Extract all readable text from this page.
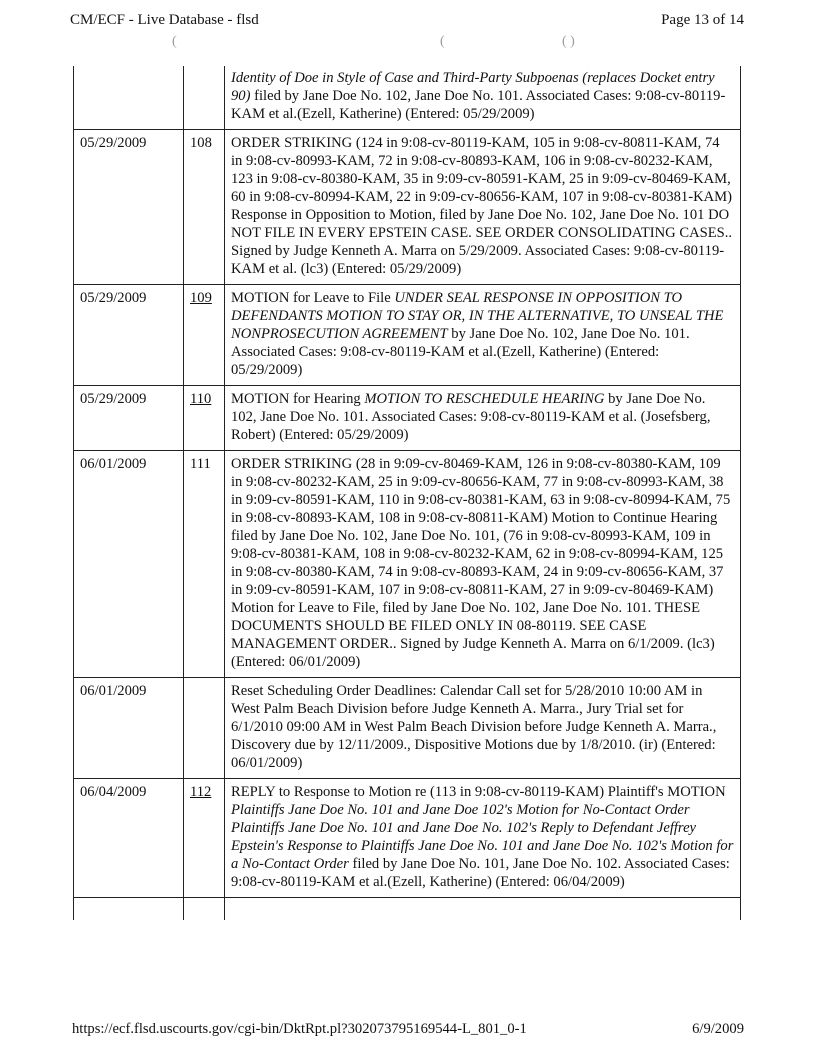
CM/ECF - Live Database - flsd	Page 13 of 14
(	(	( )
		Identity of Doe in Style of Case and Third-Party Subpoenas (replaces Docket entry 90) filed by Jane Doe No. 102, Jane Doe No. 101. Associated Cases: 9:08-cv-80119-KAM et al.(Ezell, Katherine) (Entered: 05/29/2009)
05/29/2009	108	ORDER STRIKING (124 in 9:08-cv-80119-KAM, 105 in 9:08-cv-80811-KAM, 74 in 9:08-cv-80993-KAM, 72 in 9:08-cv-80893-KAM, 106 in 9:08-cv-80232-KAM, 123 in 9:08-cv-80380-KAM, 35 in 9:09-cv-80591-KAM, 25 in 9:09-cv-80469-KAM, 60 in 9:08-cv-80994-KAM, 22 in 9:09-cv-80656-KAM, 107 in 9:08-cv-80381-KAM) Response in Opposition to Motion, filed by Jane Doe No. 102, Jane Doe No. 101 DO NOT FILE IN EVERY EPSTEIN CASE. SEE ORDER CONSOLIDATING CASES.. Signed by Judge Kenneth A. Marra on 5/29/2009. Associated Cases: 9:08-cv-80119-KAM et al. (lc3) (Entered: 05/29/2009)
05/29/2009	109	MOTION for Leave to File UNDER SEAL RESPONSE IN OPPOSITION TO DEFENDANTS MOTION TO STAY OR, IN THE ALTERNATIVE, TO UNSEAL THE NONPROSECUTION AGREEMENT by Jane Doe No. 102, Jane Doe No. 101. Associated Cases: 9:08-cv-80119-KAM et al.(Ezell, Katherine) (Entered: 05/29/2009)
05/29/2009	110	MOTION for Hearing MOTION TO RESCHEDULE HEARING by Jane Doe No. 102, Jane Doe No. 101. Associated Cases: 9:08-cv-80119-KAM et al. (Josefsberg, Robert) (Entered: 05/29/2009)
06/01/2009	111	ORDER STRIKING (28 in 9:09-cv-80469-KAM, 126 in 9:08-cv-80380-KAM, 109 in 9:08-cv-80232-KAM, 25 in 9:09-cv-80656-KAM, 77 in 9:08-cv-80993-KAM, 38 in 9:09-cv-80591-KAM, 110 in 9:08-cv-80381-KAM, 63 in 9:08-cv-80994-KAM, 75 in 9:08-cv-80893-KAM, 108 in 9:08-cv-80811-KAM) Motion to Continue Hearing filed by Jane Doe No. 102, Jane Doe No. 101, (76 in 9:08-cv-80993-KAM, 109 in 9:08-cv-80381-KAM, 108 in 9:08-cv-80232-KAM, 62 in 9:08-cv-80994-KAM, 125 in 9:08-cv-80380-KAM, 74 in 9:08-cv-80893-KAM, 24 in 9:09-cv-80656-KAM, 37 in 9:09-cv-80591-KAM, 107 in 9:08-cv-80811-KAM, 27 in 9:09-cv-80469-KAM) Motion for Leave to File, filed by Jane Doe No. 102, Jane Doe No. 101. THESE DOCUMENTS SHOULD BE FILED ONLY IN 08-80119. SEE CASE MANAGEMENT ORDER.. Signed by Judge Kenneth A. Marra on 6/1/2009. (lc3) (Entered: 06/01/2009)
06/01/2009		Reset Scheduling Order Deadlines: Calendar Call set for 5/28/2010 10:00 AM in West Palm Beach Division before Judge Kenneth A. Marra., Jury Trial set for 6/1/2010 09:00 AM in West Palm Beach Division before Judge Kenneth A. Marra., Discovery due by 12/11/2009., Dispositive Motions due by 1/8/2010. (ir) (Entered: 06/01/2009)
06/04/2009	112	REPLY to Response to Motion re (113 in 9:08-cv-80119-KAM) Plaintiff's MOTION Plaintiffs Jane Doe No. 101 and Jane Doe 102's Motion for No-Contact Order Plaintiffs Jane Doe No. 101 and Jane Doe No. 102's Reply to Defendant Jeffrey Epstein's Response to Plaintiffs Jane Doe No. 101 and Jane Doe No. 102's Motion for a No-Contact Order filed by Jane Doe No. 101, Jane Doe No. 102. Associated Cases: 9:08-cv-80119-KAM et al.(Ezell, Katherine) (Entered: 06/04/2009)

https://ecf.flsd.uscourts.gov/cgi-bin/DktRpt.pl?302073795169544-L_801_0-1	6/9/2009
